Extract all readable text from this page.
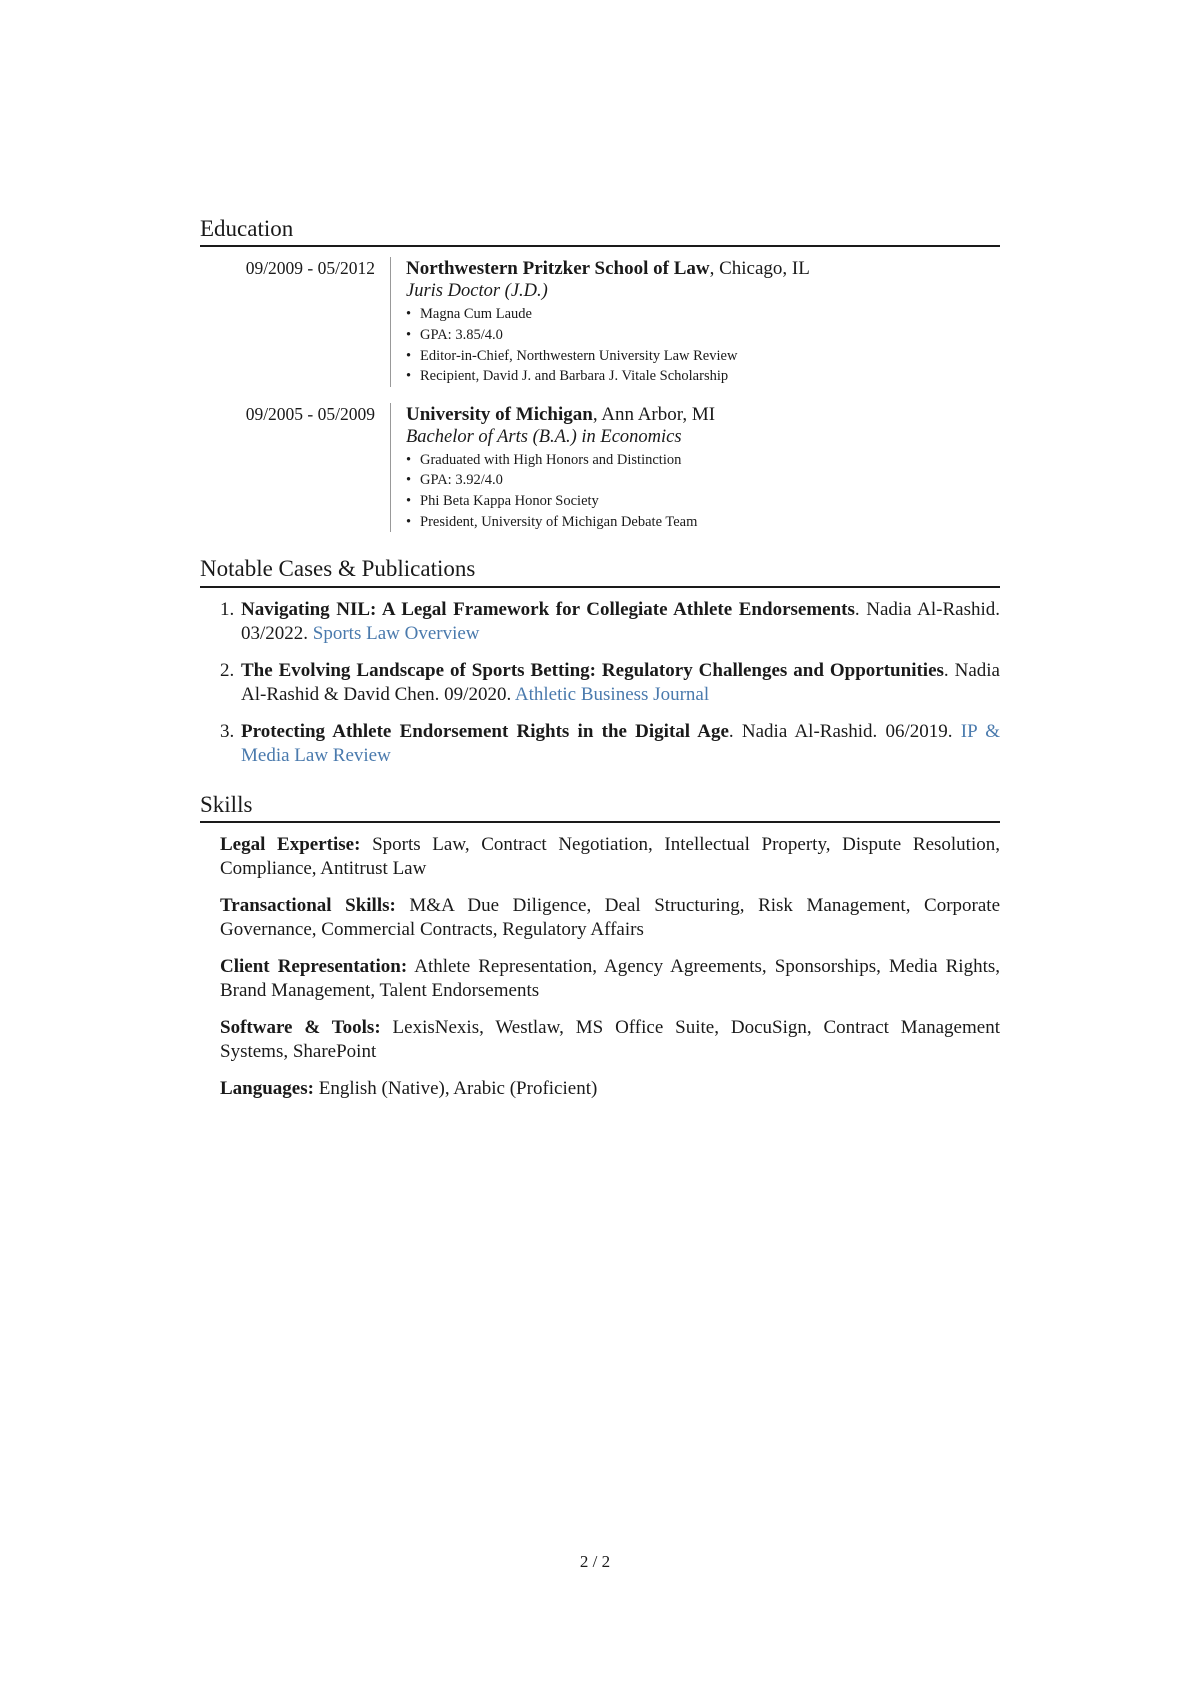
Education
09/2009 - 05/2012	Northwestern Pritzker School of Law, Chicago, IL
Juris Doctor (J.D.)
• Magna Cum Laude
• GPA: 3.85/4.0
• Editor-in-Chief, Northwestern University Law Review
• Recipient, David J. and Barbara J. Vitale Scholarship
09/2005 - 05/2009	University of Michigan, Ann Arbor, MI
Bachelor of Arts (B.A.) in Economics
• Graduated with High Honors and Distinction
• GPA: 3.92/4.0
• Phi Beta Kappa Honor Society
• President, University of Michigan Debate Team
Notable Cases & Publications
1. Navigating NIL: A Legal Framework for Collegiate Athlete Endorsements. Nadia Al-Rashid. 03/2022. Sports Law Overview
2. The Evolving Landscape of Sports Betting: Regulatory Challenges and Opportunities. Nadia Al-Rashid & David Chen. 09/2020. Athletic Business Journal
3. Protecting Athlete Endorsement Rights in the Digital Age. Nadia Al-Rashid. 06/2019. IP & Media Law Review
Skills
Legal Expertise: Sports Law, Contract Negotiation, Intellectual Property, Dispute Resolution, Compliance, Antitrust Law
Transactional Skills: M&A Due Diligence, Deal Structuring, Risk Management, Corporate Governance, Commercial Contracts, Regulatory Affairs
Client Representation: Athlete Representation, Agency Agreements, Sponsorships, Media Rights, Brand Management, Talent Endorsements
Software & Tools: LexisNexis, Westlaw, MS Office Suite, DocuSign, Contract Management Systems, SharePoint
Languages: English (Native), Arabic (Proficient)
2 / 2
